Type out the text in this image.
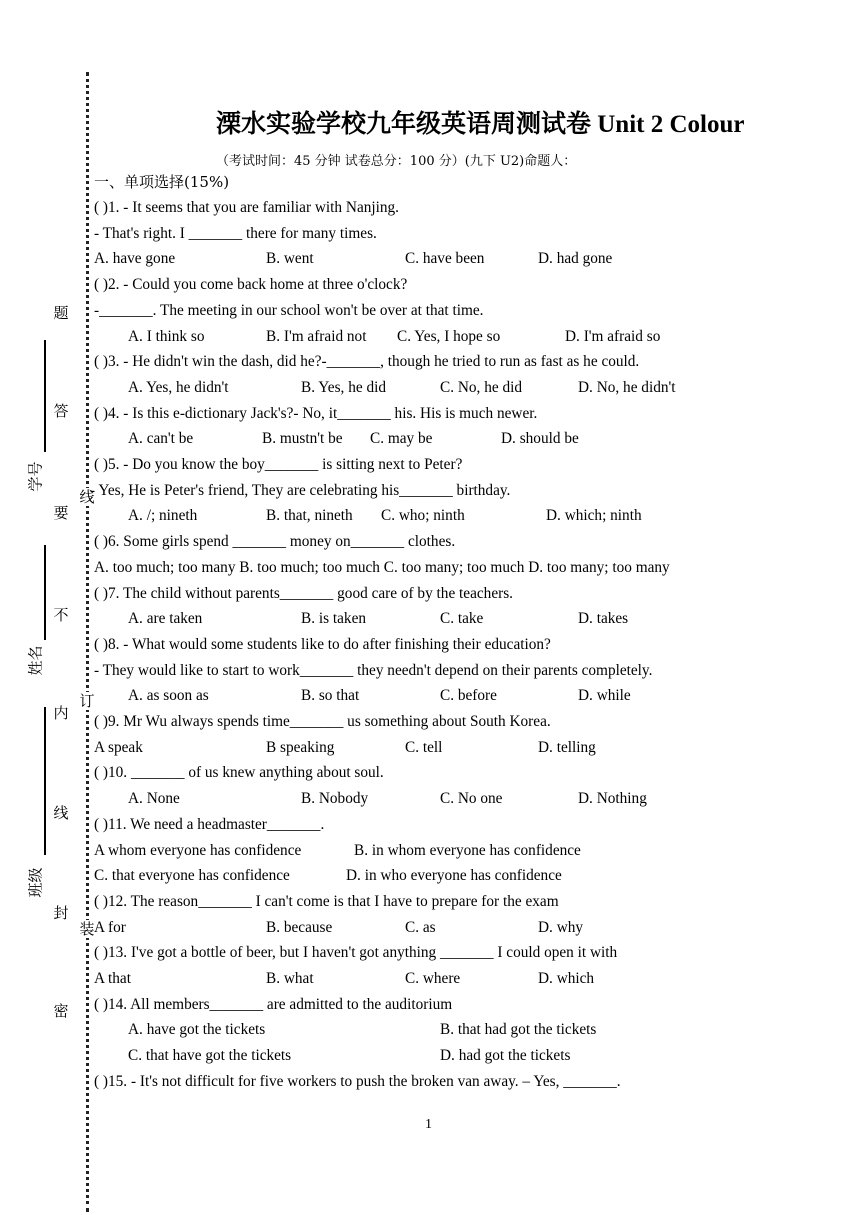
题
答
要
不
内
线
封
密
线
订
装
学号
姓名
班级
溧水实验学校九年级英语周测试卷 Unit 2 Colour
（考试时间：45 分钟 试卷总分：100 分）(九下 U2)命题人：
一、单项选择(15%)
( )1. - It seems that you are familiar with Nanjing.
- That's right. I _______ there for many times.
A. have gone	B. went	C. have been	D. had gone
( )2. - Could you come back home at three o'clock?
-_______. The meeting in our school won't be over at that time.
A. I think so	B. I'm afraid not C. Yes, I hope so	D. I'm afraid so
( )3. - He didn't win the dash, did he?-_______, though he tried to run as fast as he could.
A. Yes, he didn't	B. Yes, he did	C. No, he did	D. No, he didn't
( )4. - Is this e-dictionary Jack's?- No, it_______ his. His is much newer.
A. can't be	B. mustn't be C. may be	D. should be
( )5. - Do you know the boy_______ is sitting next to Peter?
- Yes, He is Peter's friend, They are celebrating his_______ birthday.
A. /; nineth	B. that, nineth C. who; ninth	D. which; ninth
( )6. Some girls spend _______ money on_______ clothes.
A. too much; too many B. too much; too much C. too many; too much D. too many; too many
( )7. The child without parents_______ good care of by the teachers.
A. are taken	B. is taken	C. take	D. takes
( )8. - What would some students like to do after finishing their education?
- They would like to start to work_______ they needn't depend on their parents completely.
A. as soon as	B. so that	C. before	D. while
( )9. Mr Wu always spends time_______ us something about South Korea.
A speak	B speaking	C. tell	D. telling
( )10. _______ of us knew anything about soul.
A. None	B. Nobody	C. No one	D. Nothing
( )11. We need a headmaster_______.
A whom everyone has confidence	B. in whom everyone has confidence
C. that everyone has confidence	D. in who everyone has confidence
( )12. The reason_______ I can't come is that I have to prepare for the exam
A for	B. because	C. as	D. why
( )13. I've got a bottle of beer, but I haven't got anything _______ I could open it with
A that	B. what	C. where	D. which
( )14. All members_______ are admitted to the auditorium
A. have got the tickets	B. that had got the tickets
C. that have got the tickets	D. had got the tickets
( )15. - It's not difficult for five workers to push the broken van away. – Yes, _______.
1
